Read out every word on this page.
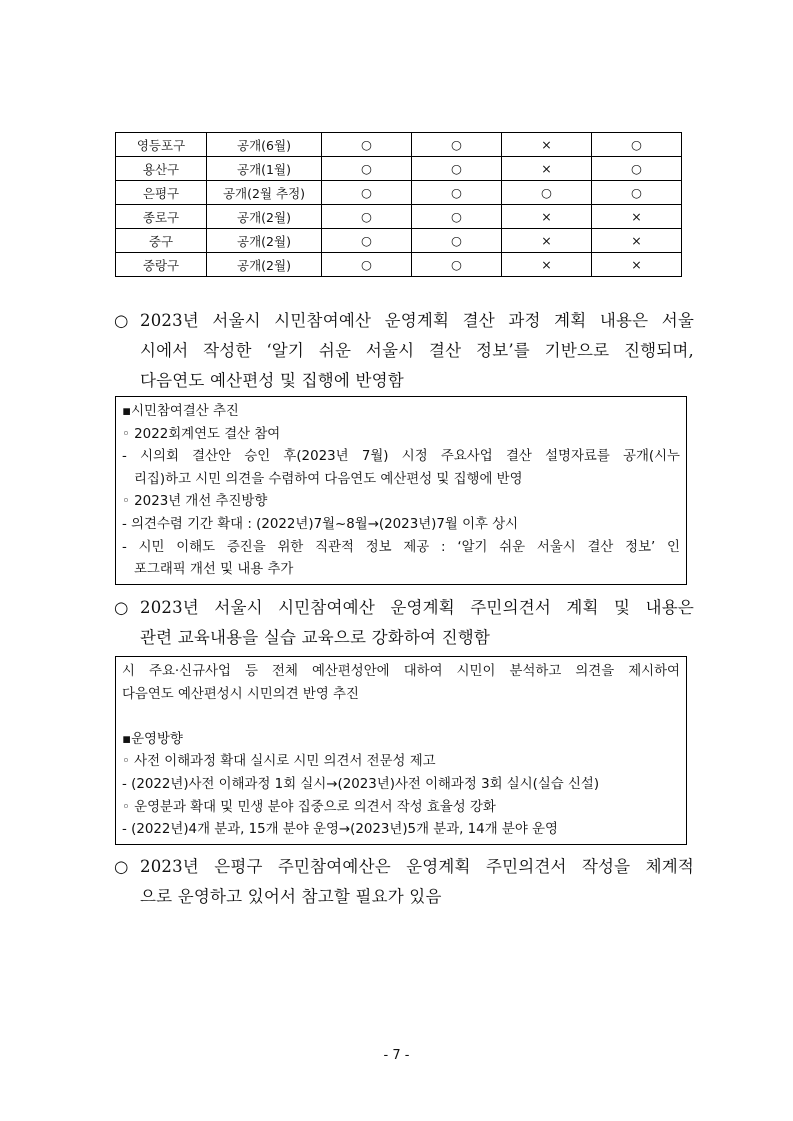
영등포구	공개(6월)	○	○	×	○
용산구	공개(1월)	○	○	×	○
은평구	공개(2월 추정)	○	○	○	○
종로구	공개(2월)	○	○	×	×
중구	공개(2월)	○	○	×	×
중랑구	공개(2월)	○	○	×	×
○ 2023년 서울시 시민참여예산 운영계획 결산 과정 계획 내용은 서울
시에서 작성한 ‘알기 쉬운 서울시 결산 정보’를 기반으로 진행되며,
다음연도 예산편성 및 집행에 반영함
▪시민참여결산 추진
◦ 2022회계연도 결산 참여
- 시의회 결산안 승인 후(2023년 7월) 시정 주요사업 결산 설명자료를 공개(시누
리집)하고 시민 의견을 수렴하여 다음연도 예산편성 및 집행에 반영
◦ 2023년 개선 추진방향
- 의견수렴 기간 확대 : (2022년)7월~8월→(2023년)7월 이후 상시
- 시민 이해도 증진을 위한 직관적 정보 제공 : ‘알기 쉬운 서울시 결산 정보’ 인
포그래픽 개선 및 내용 추가
○ 2023년 서울시 시민참여예산 운영계획 주민의견서 계획 및 내용은
관련 교육내용을 실습 교육으로 강화하여 진행함
시 주요·신규사업 등 전체 예산편성안에 대하여 시민이 분석하고 의견을 제시하여
다음연도 예산편성시 시민의견 반영 추진
▪운영방향
◦ 사전 이해과정 확대 실시로 시민 의견서 전문성 제고
- (2022년)사전 이해과정 1회 실시→(2023년)사전 이해과정 3회 실시(실습 신설)
◦ 운영분과 확대 및 민생 분야 집중으로 의견서 작성 효율성 강화
- (2022년)4개 분과, 15개 분야 운영→(2023년)5개 분과, 14개 분야 운영
○ 2023년 은평구 주민참여예산은 운영계획 주민의견서 작성을 체계적
으로 운영하고 있어서 참고할 필요가 있음
- 7 -
